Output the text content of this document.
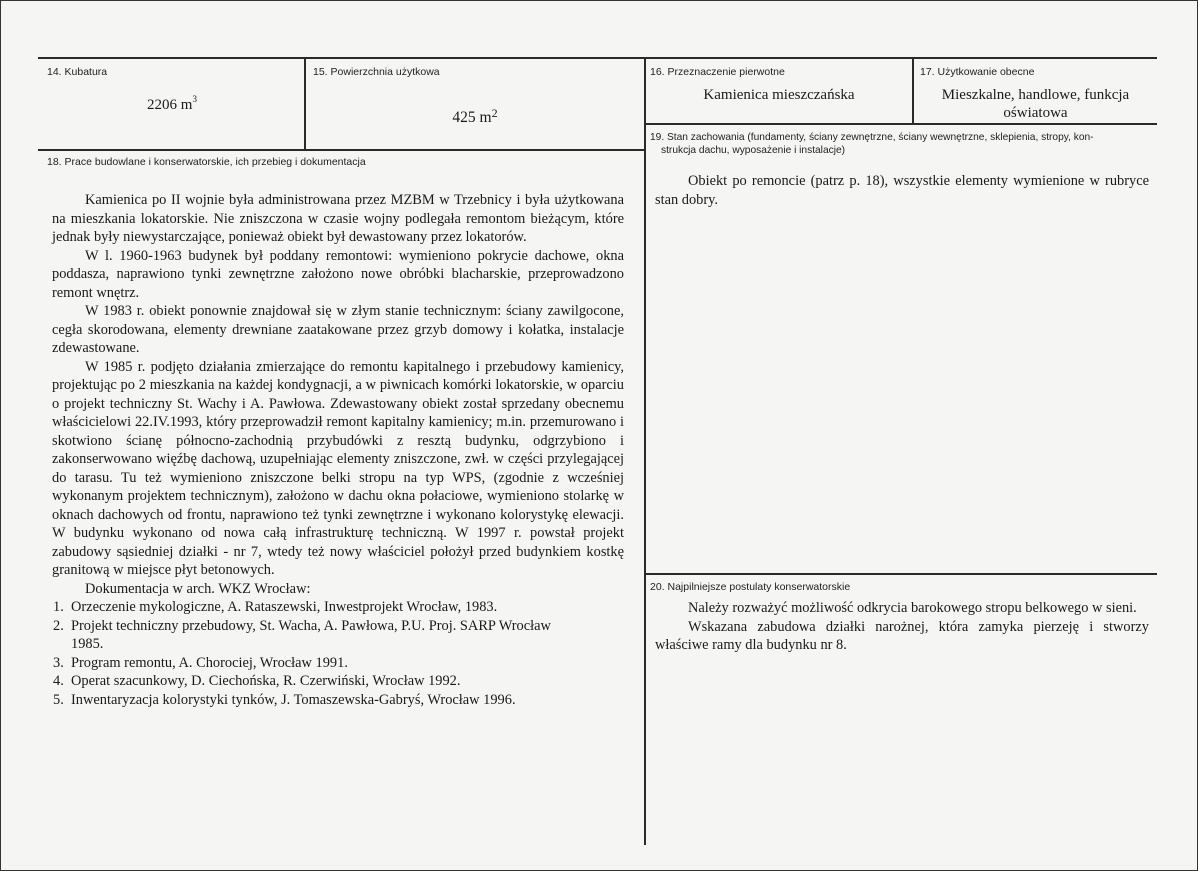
14. Kubatura
2206 $m^3$
15. Powierzchnia użytkowa
425 $m^2$
16. Przeznaczenie pierwotne
Kamienica mieszczańska
17. Użytkowanie obecne
Mieszkalne, handlowe, funkcja
oświatowa
19. Stan zachowania (fundamenty, ściany zewnętrzne, ściany wewnętrzne, sklepienia, stropy, kon-
strukcja dachu, wyposażenie i instalacje)

Obiekt po remoncie (patrz p. 18), wszystkie elementy wymienione w rubryce stan dobry.

18. Prace budowlane i konserwatorskie, ich przebieg i dokumentacja

Kamienica po II wojnie była administrowana przez MZBM w Trzebnicy i była użytkowana na mieszkania lokatorskie. Nie zniszczona w czasie wojny podlegała remontom bieżącym, które jednak były niewystarczające, ponieważ obiekt był dewastowany przez lokatorów.

W l. 1960-1963 budynek był poddany remontowi: wymieniono pokrycie dachowe, okna poddasza, naprawiono tynki zewnętrzne założono nowe obróbki blacharskie, przeprowadzono remont wnętrz.

W 1983 r. obiekt ponownie znajdował się w złym stanie technicznym: ściany zawilgocone, cegła skorodowana, elementy drewniane zaatakowane przez grzyb domowy i kołatka, instalacje zdewastowane.

W 1985 r. podjęto działania zmierzające do remontu kapitalnego i przebudowy kamienicy, projektując po 2 mieszkania na każdej kondygnacji, a w piwnicach komórki lokatorskie, w oparciu o projekt techniczny St. Wachy i A. Pawłowa. Zdewastowany obiekt został sprzedany obecnemu właścicielowi 22.IV.1993, który przeprowadził remont kapitalny kamienicy; m.in. przemurowano i skotwiono ścianę północno-zachodnią przybudówki z resztą budynku, odgrzybiono i zakonserwowano więźbę dachową, uzupełniając elementy zniszczone, zwł. w części przylegającej do tarasu. Tu też wymieniono zniszczone belki stropu na typ WPS, (zgodnie z wcześniej wykonanym projektem technicznym), założono w dachu okna połaciowe, wymieniono stolarkę w oknach dachowych od frontu, naprawiono też tynki zewnętrzne i wykonano kolorystykę elewacji. W budynku wykonano od nowa całą infrastrukturę techniczną. W 1997 r. powstał projekt zabudowy sąsiedniej działki - nr 7, wtedy też nowy właściciel położył przed budynkiem kostkę granitową w miejsce płyt betonowych.

Dokumentacja w arch. WKZ Wrocław:

1. Orzeczenie mykologiczne, A. Rataszewski, Inwestprojekt Wrocław, 1983.
2. Projekt techniczny przebudowy, St. Wacha, A. Pawłowa, P.U. Proj. SARP Wrocław
1985.
3. Program remontu, A. Chorociej, Wrocław 1991.
4. Operat szacunkowy, D. Ciechońska, R. Czerwiński, Wrocław 1992.
5. Inwentaryzacja kolorystyki tynków, J. Tomaszewska-Gabryś, Wrocław 1996.
20. Najpilniejsze postulaty konserwatorskie

Należy rozważyć możliwość odkrycia barokowego stropu belkowego w sieni.

Wskazana zabudowa działki narożnej, która zamyka pierzeję i stworzy właściwe ramy dla budynku nr 8.
